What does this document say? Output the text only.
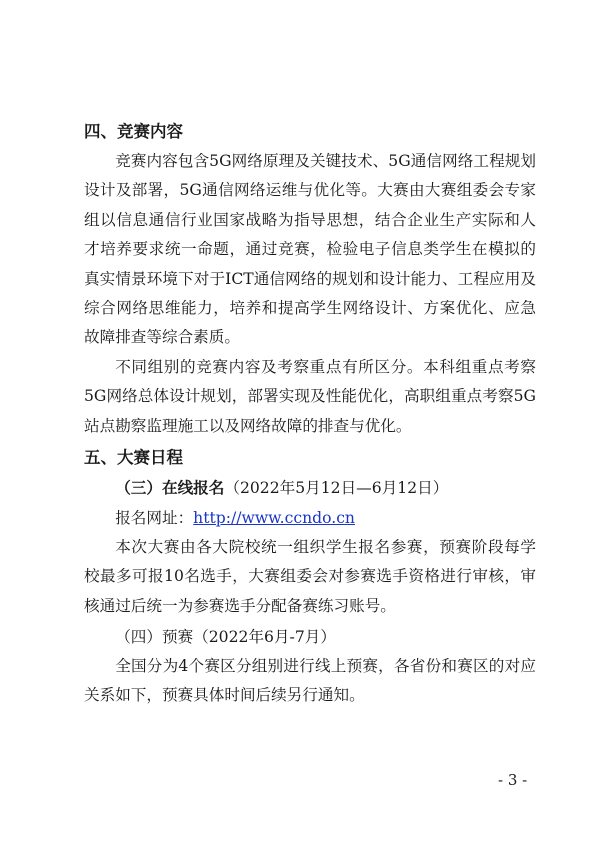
四、竞赛内容

竞赛内容包含5G网络原理及关键技术、5G通信网络工程规划设计及部署，5G通信网络运维与优化等。大赛由大赛组委会专家组以信息通信行业国家战略为指导思想，结合企业生产实际和人才培养要求统一命题，通过竞赛，检验电子信息类学生在模拟的真实情景环境下对于ICT通信网络的规划和设计能力、工程应用及综合网络思维能力，培养和提高学生网络设计、方案优化、应急故障排查等综合素质。

不同组别的竞赛内容及考察重点有所区分。本科组重点考察5G网络总体设计规划，部署实现及性能优化，高职组重点考察5G站点勘察监理施工以及网络故障的排查与优化。

五、大赛日程
（三）在线报名（2022年5月12日—6月12日）
报名网址：http://www.ccndo.cn

本次大赛由各大院校统一组织学生报名参赛，预赛阶段每学校最多可报10名选手，大赛组委会对参赛选手资格进行审核，审核通过后统一为参赛选手分配备赛练习账号。

（四）预赛（2022年6月-7月）

全国分为4个赛区分组别进行线上预赛，各省份和赛区的对应关系如下，预赛具体时间后续另行通知。

- 3 -
